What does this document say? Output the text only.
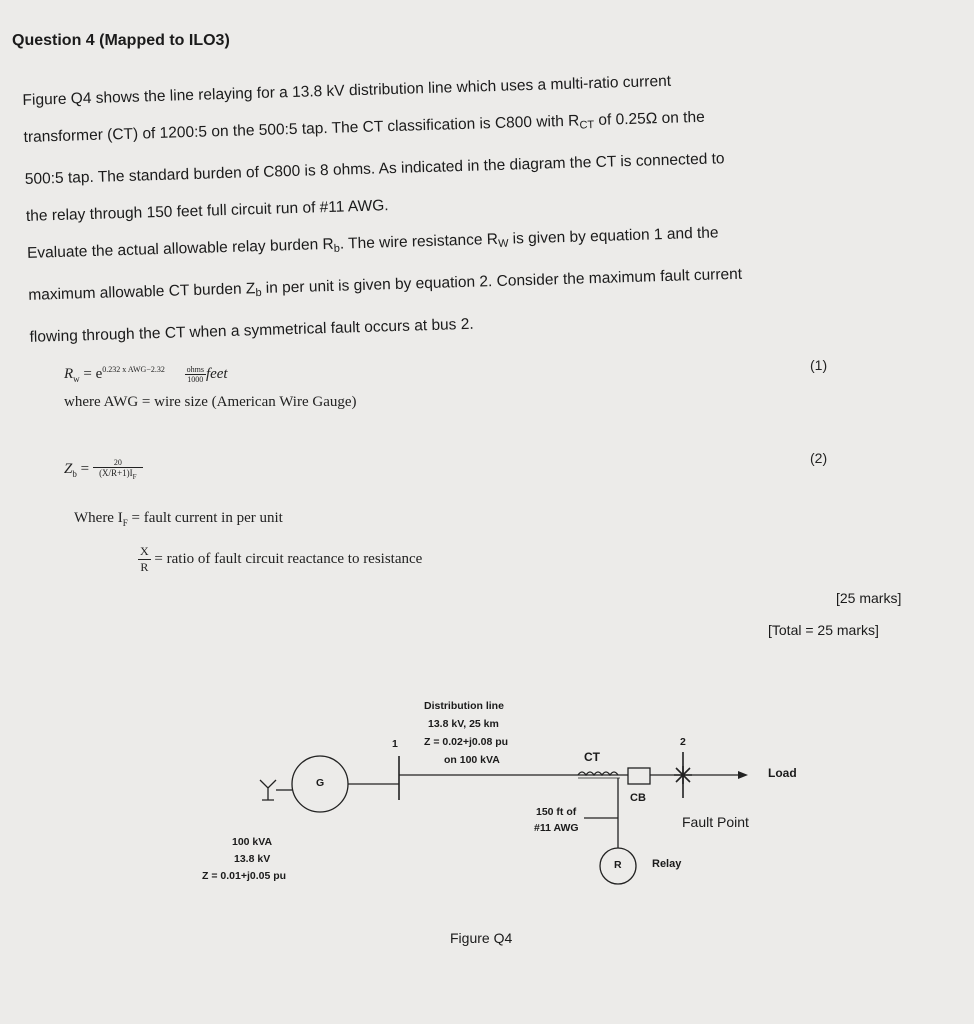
Question 4 (Mapped to ILO3)
Figure Q4 shows the line relaying for a 13.8 kV distribution line which uses a multi-ratio current
transformer (CT) of 1200:5 on the 500:5 tap. The CT classification is C800 with $R_{CT}$ of 0.25Ω on the
500:5 tap. The standard burden of C800 is 8 ohms. As indicated in the diagram the CT is connected to
the relay through 150 feet full circuit run of #11 AWG.
Evaluate the actual allowable relay burden $R_b$. The wire resistance $R_W$ is given by equation 1 and the
maximum allowable CT burden $Z_b$ in per unit is given by equation 2. Consider the maximum fault current
flowing through the CT when a symmetrical fault occurs at bus 2.
$R_w = e^{0.232 x AWG-2.32} \frac{\text{ohms}}{1000}$ feet
(1)
where AWG = wire size (American Wire Gauge)
$Z_b = \frac{20}{(X/R+1)I_F}$	(2)
Where $I_F$ = fault current in per unit
$\frac{X}{R}$ = ratio of fault circuit reactance to resistance
[25 marks]
[Total = 25 marks]
Distribution line
13.8 kV, 25 km
Z = 0.02+j0.08 pu
on 100 kVA
1	2
G
CT
CB
Load
150 ft of
#11 AWG	Fault Point
R	Relay
100 kVA
13.8 kV
Z = 0.01+j0.05 pu
Figure Q4
